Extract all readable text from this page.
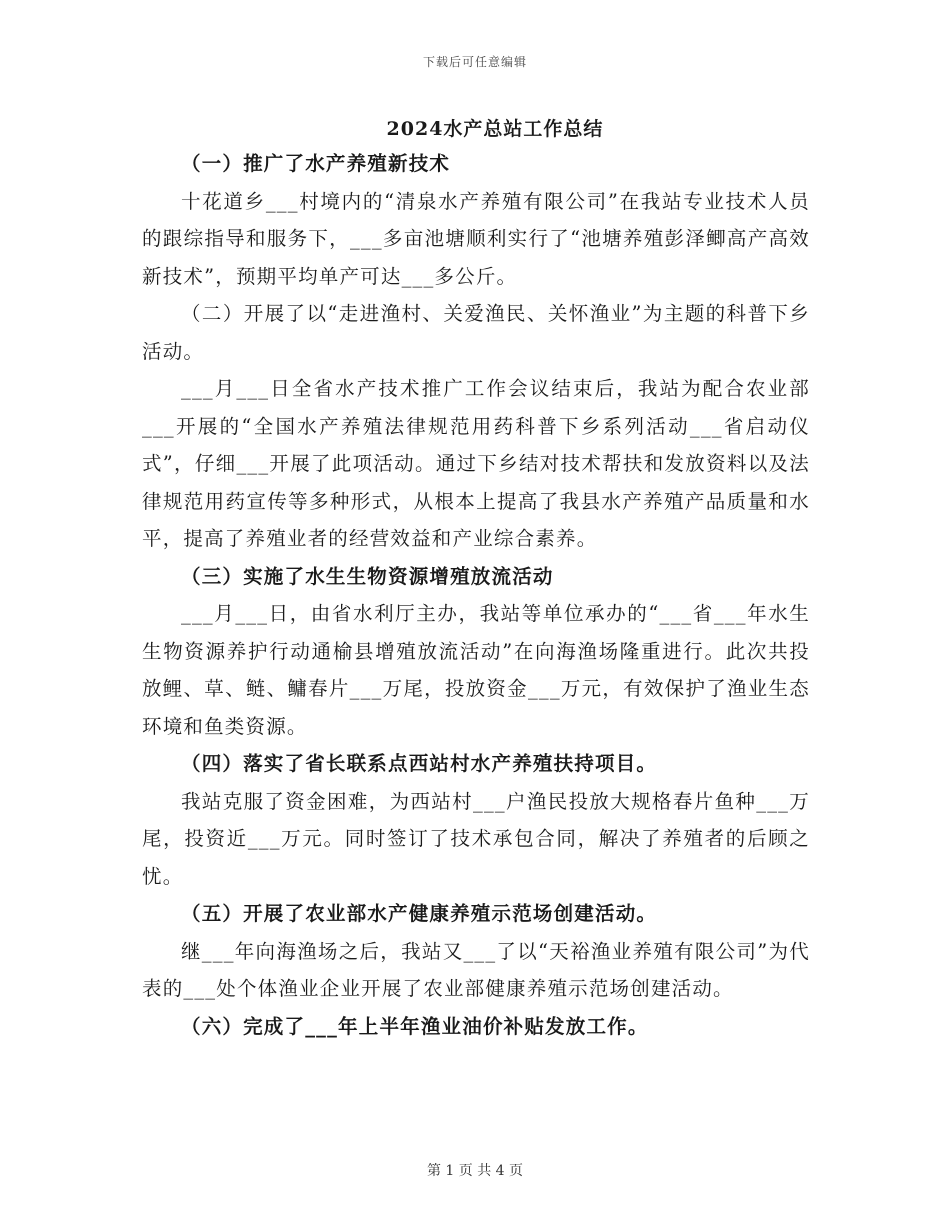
下载后可任意编辑
2024水产总站工作总结

（一）推广了水产养殖新技术

十花道乡___村境内的“清泉水产养殖有限公司”在我站专业技术人员的跟综指导和服务下，___多亩池塘顺利实行了“池塘养殖彭泽鲫高产高效新技术”，预期平均单产可达___多公斤。

（二）开展了以“走进渔村、关爱渔民、关怀渔业”为主题的科普下乡活动。

___月___日全省水产技术推广工作会议结束后，我站为配合农业部___开展的“全国水产养殖法律规范用药科普下乡系列活动___省启动仪式”，仔细___开展了此项活动。通过下乡结对技术帮扶和发放资料以及法律规范用药宣传等多种形式，从根本上提高了我县水产养殖产品质量和水平，提高了养殖业者的经营效益和产业综合素养。

（三）实施了水生生物资源增殖放流活动

___月___日，由省水利厅主办，我站等单位承办的“___省___年水生生物资源养护行动通榆县增殖放流活动”在向海渔场隆重进行。此次共投放鲤、草、鲢、鳙春片___万尾，投放资金___万元，有效保护了渔业生态环境和鱼类资源。

（四）落实了省长联系点西站村水产养殖扶持项目。

我站克服了资金困难，为西站村___户渔民投放大规格春片鱼种___万尾，投资近___万元。同时签订了技术承包合同，解决了养殖者的后顾之忧。

（五）开展了农业部水产健康养殖示范场创建活动。

继___年向海渔场之后，我站又___了以“天裕渔业养殖有限公司”为代表的___处个体渔业企业开展了农业部健康养殖示范场创建活动。

（六）完成了___年上半年渔业油价补贴发放工作。

第 1 页 共 4 页
